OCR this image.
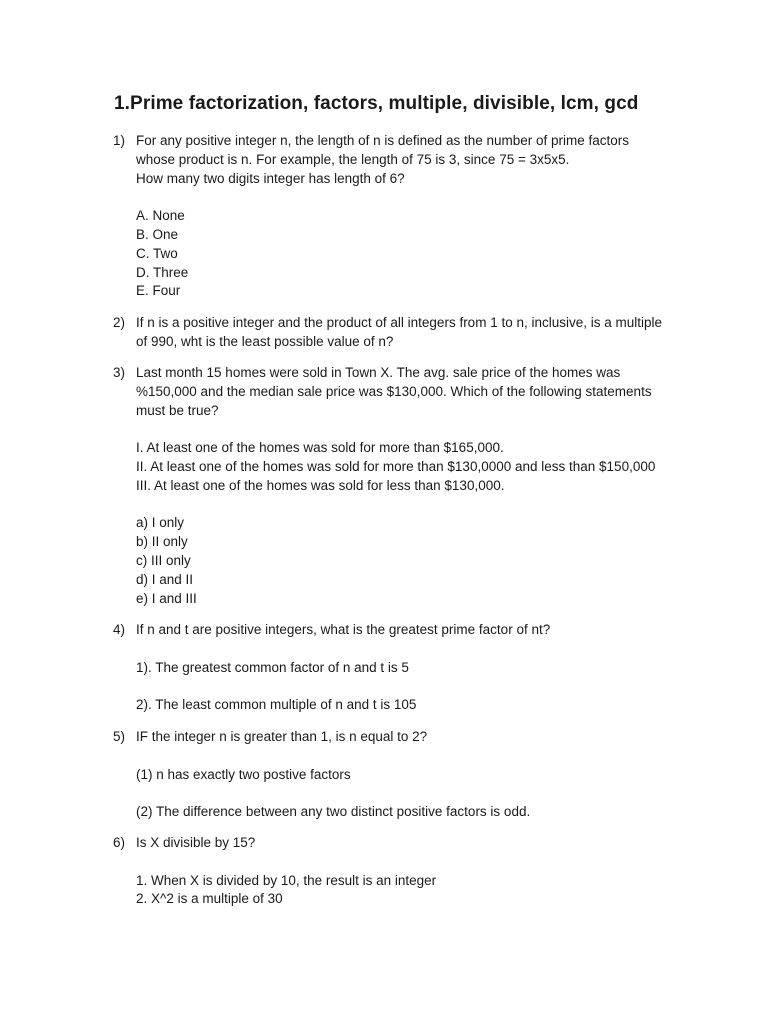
1.Prime factorization, factors, multiple, divisible, lcm, gcd
1) For any positive integer n, the length of n is defined as the number of prime factors
whose product is n. For example, the length of 75 is 3, since 75 = 3x5x5.
How many two digits integer has length of 6?
A. None
B. One
C. Two
D. Three
E. Four
2) If n is a positive integer and the product of all integers from 1 to n, inclusive, is a multiple
of 990, wht is the least possible value of n?
3) Last month 15 homes were sold in Town X. The avg. sale price of the homes was
%150,000 and the median sale price was $130,000. Which of the following statements
must be true?
I. At least one of the homes was sold for more than $165,000.
II. At least one of the homes was sold for more than $130,0000 and less than $150,000
III. At least one of the homes was sold for less than $130,000.
a) I only
b) II only
c) III only
d) I and II
e) I and III
4) If n and t are positive integers, what is the greatest prime factor of nt?
1). The greatest common factor of n and t is 5
2). The least common multiple of n and t is 105
5) IF the integer n is greater than 1, is n equal to 2?
(1) n has exactly two postive factors
(2) The difference between any two distinct positive factors is odd.
6) Is X divisible by 15?
1. When X is divided by 10, the result is an integer
2. X^2 is a multiple of 30
